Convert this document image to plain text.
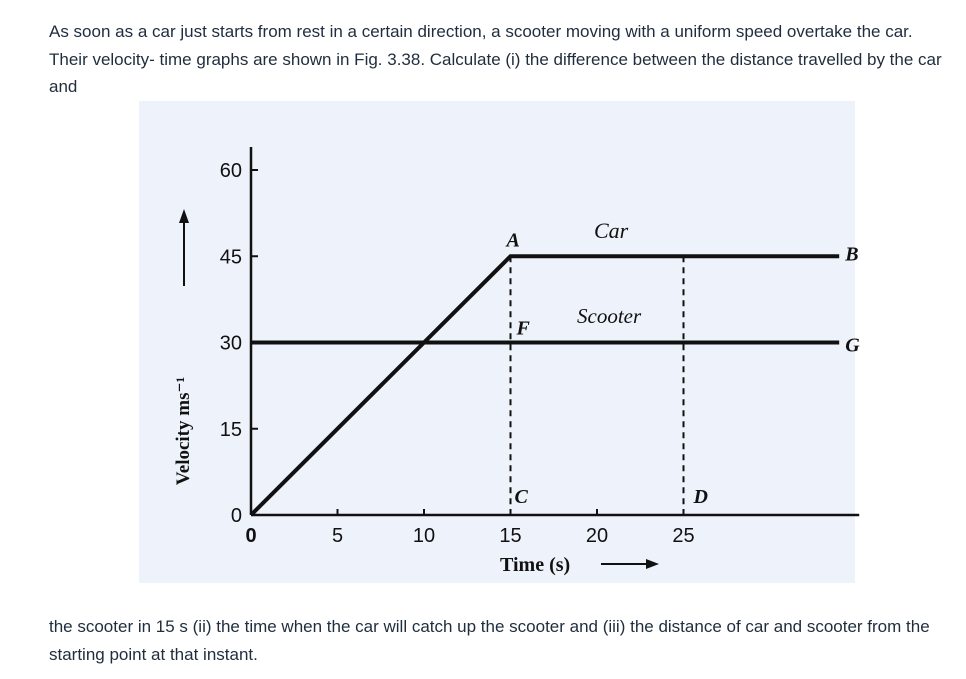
As soon as a car just starts from rest in a certain direction, a scooter moving with a uniform speed overtake the car. Their velocity- time graphs are shown in Fig. 3.38. Calculate (i) the difference between the distance travelled by the car and
0
15
30
45
60
0	5	10	15	20	25
A
B
F
G
C	D
Velocity ms⁻¹
Time (s)
Car
Scooter
the scooter in 15 s (ii) the time when the car will catch up the scooter and (iii) the distance of car and scooter from the starting point at that instant.
